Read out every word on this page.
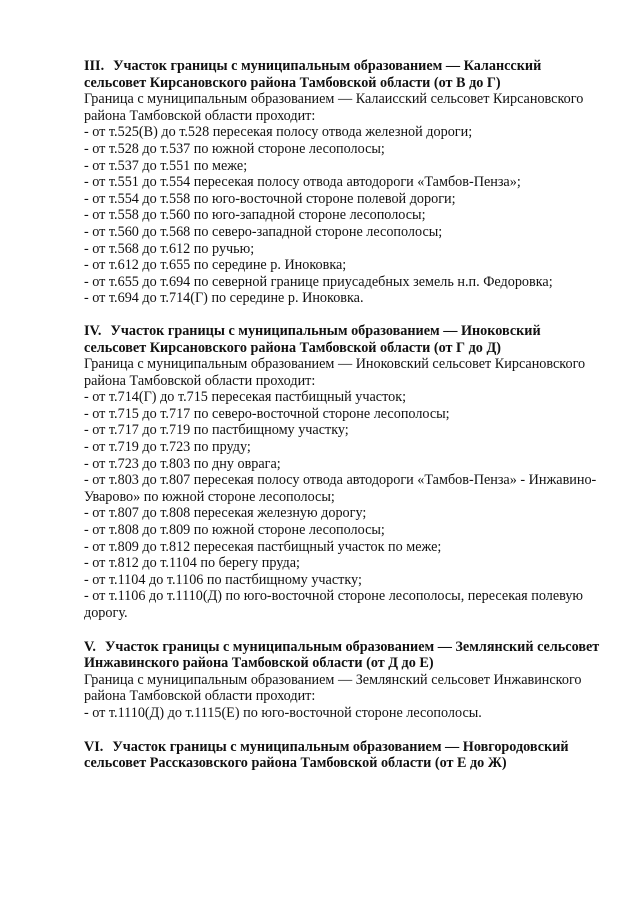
III. Участок границы с муниципальным образованием — Калансский сельсовет Кирсановского района Тамбовской области (от В до Г)

Граница с муниципальным образованием — Калаисский сельсовет Кирсановского района Тамбовской области проходит:

- от т.525(В) до т.528 пересекая полосу отвода железной дороги;

- от т.528 до т.537 по южной стороне лесополосы;

- от т.537 до т.551 по меже;

- от т.551 до т.554 пересекая полосу отвода автодороги «Тамбов-Пенза»;

- от т.554 до т.558 по юго-восточной стороне полевой дороги;

- от т.558 до т.560 по юго-западной стороне лесополосы;

- от т.560 до т.568 по северо-западной стороне лесополосы;

- от т.568 до т.612 по ручью;

- от т.612 до т.655 по середине р. Иноковка;

- от т.655 до т.694 по северной границе приусадебных земель н.п. Федоровка;

- от т.694 до т.714(Г) по середине р. Иноковка.

IV. Участок границы с муниципальным образованием — Иноковский сельсовет Кирсановского района Тамбовской области (от Г до Д)

Граница с муниципальным образованием — Иноковский сельсовет Кирсановского района Тамбовской области проходит:

- от т.714(Г) до т.715 пересекая пастбищный участок;

- от т.715 до т.717 по северо-восточной стороне лесополосы;

- от т.717 до т.719 по пастбищному участку;

- от т.719 до т.723 по пруду;

- от т.723 до т.803 по дну оврага;

- от т.803 до т.807 пересекая полосу отвода автодороги «Тамбов-Пенза» - Инжавино-Уварово» по южной стороне лесополосы;

- от т.807 до т.808 пересекая железную дорогу;

- от т.808 до т.809 по южной стороне лесополосы;

- от т.809 до т.812 пересекая пастбищный участок по меже;

- от т.812 до т.1104 по берегу пруда;

- от т.1104 до т.1106 по пастбищному участку;

- от т.1106 до т.1110(Д) по юго-восточной стороне лесополосы, пересекая полевую дорогу.

V. Участок границы с муниципальным образованием — Землянский сельсовет Инжавинского района Тамбовской области (от Д до Е)

Граница с муниципальным образованием — Землянский сельсовет Инжавинского района Тамбовской области проходит:

- от т.1110(Д) до т.1115(Е) по юго-восточной стороне лесополосы.

VI. Участок границы с муниципальным образованием — Новгородовский сельсовет Рассказовского района Тамбовской области (от Е до Ж)
